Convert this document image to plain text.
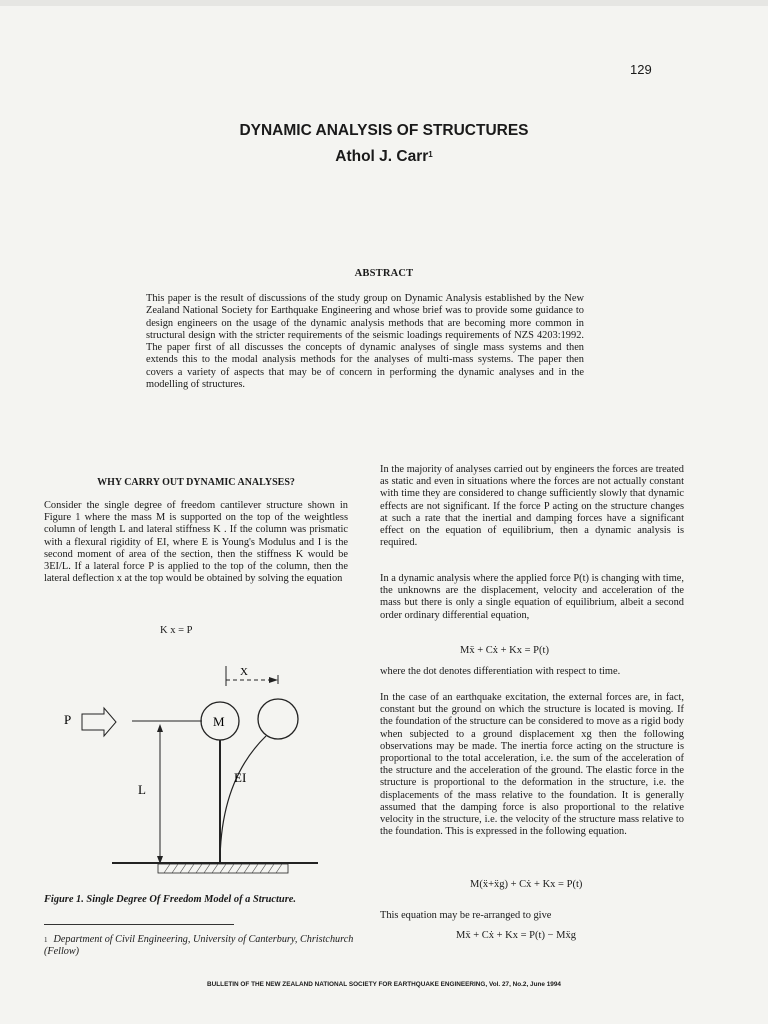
129
DYNAMIC ANALYSIS OF STRUCTURES
Athol J. Carr$^1$
ABSTRACT
This paper is the result of discussions of the study group on Dynamic Analysis established by the New Zealand National Society for Earthquake Engineering and whose brief was to provide some guidance to design engineers on the usage of the dynamic analysis methods that are becoming more common in structural design with the stricter requirements of the seismic loadings requirements of NZS 4203:1992. The paper first of all discusses the concepts of dynamic analyses of single mass systems and then extends this to the modal analysis methods for the analyses of multi-mass systems. The paper then covers a variety of aspects that may be of concern in performing the dynamic analyses and in the modelling of structures.
WHY CARRY OUT DYNAMIC ANALYSES?
Consider the single degree of freedom cantilever structure shown in Figure 1 where the mass M is supported on the top of the weightless column of length L and lateral stiffness K . If the column was prismatic with a flexural rigidity of EI, where E is Young's Modulus and I is the second moment of area of the section, then the stiffness K would be 3EI/L. If a lateral force P is applied to the top of the column, then the lateral deflection x at the top would be obtained by solving the equation
K x = P
X
P
L
M
EI
Figure 1. Single Degree Of Freedom Model of a Structure.
$^1$ Department of Civil Engineering, University of Canterbury, Christchurch (Fellow)
In the majority of analyses carried out by engineers the forces are treated as static and even in situations where the forces are not actually constant with time they are considered to change sufficiently slowly that dynamic effects are not significant. If the force P acting on the structure changes at such a rate that the inertial and damping forces have a significant effect on the equation of equilibrium, then a dynamic analysis is required.
In a dynamic analysis where the applied force P(t) is changing with time, the unknowns are the displacement, velocity and acceleration of the mass but there is only a single equation of equilibrium, albeit a second order ordinary differential equation,
Mẍ + Cẋ + Kx = P(t)
where the dot denotes differentiation with respect to time.
In the case of an earthquake excitation, the external forces are, in fact, constant but the ground on which the structure is located is moving. If the foundation of the structure can be considered to move as a rigid body when subjected to a ground displacement xg then the following observations may be made. The inertia force acting on the structure is proportional to the total acceleration, i.e. the sum of the acceleration of the structure and the acceleration of the ground. The elastic force in the structure is proportional to the deformation in the structure, i.e. the displacements of the mass relative to the foundation. It is generally assumed that the damping force is also proportional to the relative velocity in the structure, i.e. the velocity of the structure mass relative to the foundation. This is expressed in the following equation.
M(ẍ+ẍg) + Cẋ + Kx = P(t)
This equation may be re-arranged to give
Mẍ + Cẋ + Kx = P(t) − Mẍg
BULLETIN OF THE NEW ZEALAND NATIONAL SOCIETY FOR EARTHQUAKE ENGINEERING, Vol. 27, No.2, June 1994
